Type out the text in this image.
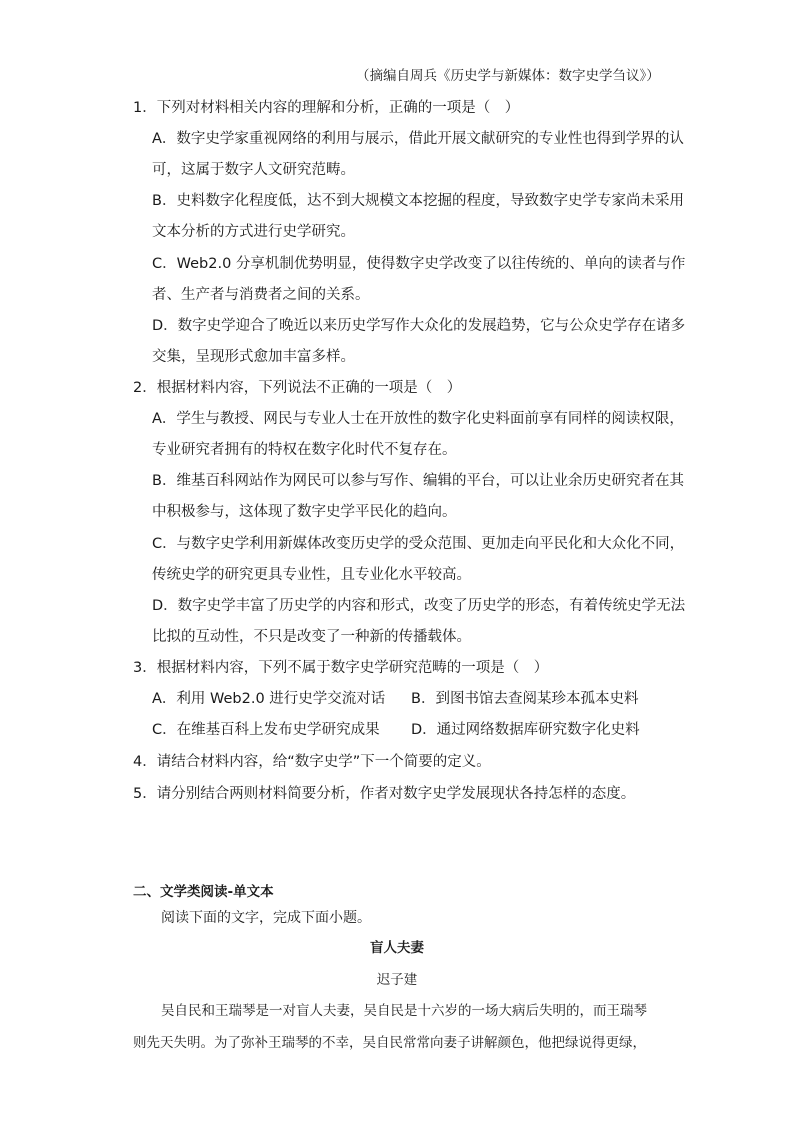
（摘编自周兵《历史学与新媒体：数字史学刍议》）
1．下列对材料相关内容的理解和分析，正确的一项是（　）
A．数字史学家重视网络的利用与展示，借此开展文献研究的专业性也得到学界的认
可，这属于数字人文研究范畴。
B．史料数字化程度低，达不到大规模文本挖掘的程度，导致数字史学专家尚未采用
文本分析的方式进行史学研究。
C．Web2.0 分享机制优势明显，使得数字史学改变了以往传统的、单向的读者与作
者、生产者与消费者之间的关系。
D．数字史学迎合了晚近以来历史学写作大众化的发展趋势，它与公众史学存在诸多
交集，呈现形式愈加丰富多样。
2．根据材料内容，下列说法不正确的一项是（　）
A．学生与教授、网民与专业人士在开放性的数字化史料面前享有同样的阅读权限，
专业研究者拥有的特权在数字化时代不复存在。
B．维基百科网站作为网民可以参与写作、编辑的平台，可以让业余历史研究者在其
中积极参与，这体现了数字史学平民化的趋向。
C．与数字史学利用新媒体改变历史学的受众范围、更加走向平民化和大众化不同，
传统史学的研究更具专业性，且专业化水平较高。
D．数字史学丰富了历史学的内容和形式，改变了历史学的形态，有着传统史学无法
比拟的互动性，不只是改变了一种新的传播载体。
3．根据材料内容，下列不属于数字史学研究范畴的一项是（　）
A．利用 Web2.0 进行史学交流对话 B．到图书馆去查阅某珍本孤本史料
C．在维基百科上发布史学研究成果 D．通过网络数据库研究数字化史料
4．请结合材料内容，给“数字史学”下一个简要的定义。
5．请分别结合两则材料简要分析，作者对数字史学发展现状各持怎样的态度。
二、文学类阅读-单文本
阅读下面的文字，完成下面小题。
盲人夫妻
迟子建
吴自民和王瑞琴是一对盲人夫妻，吴自民是十六岁的一场大病后失明的，而王瑞琴
则先天失明。为了弥补王瑞琴的不幸，吴自民常常向妻子讲解颜色，他把绿说得更绿，
